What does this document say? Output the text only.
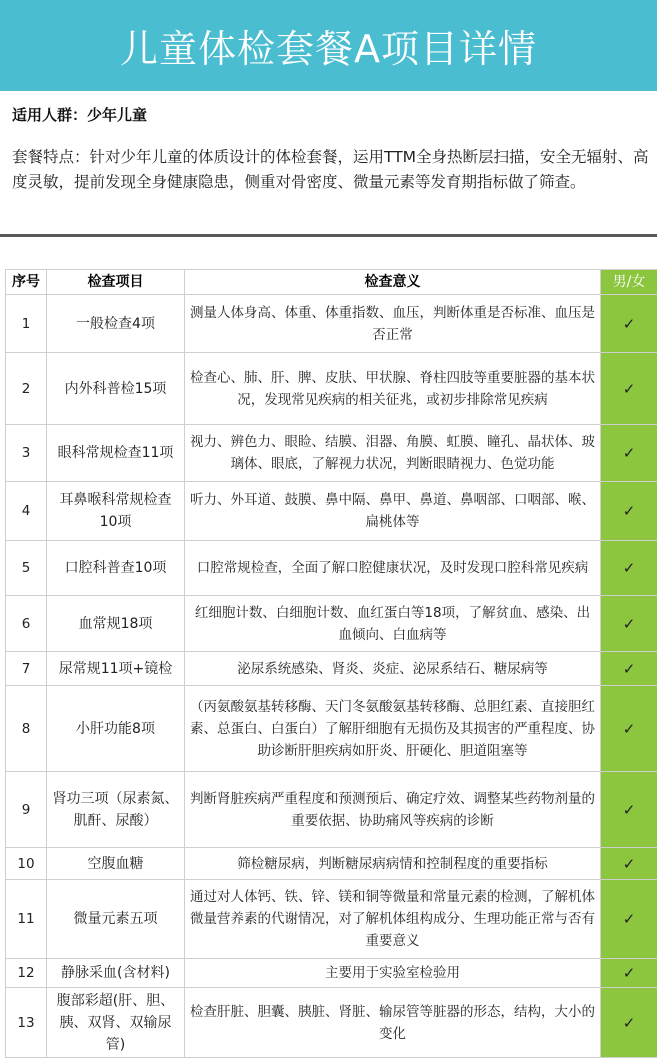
儿童体检套餐A项目详情

适用人群：少年儿童

套餐特点：针对少年儿童的体质设计的体检套餐，运用TTM全身热断层扫描，安全无辐射、高度灵敏，提前发现全身健康隐患，侧重对骨密度、微量元素等发育期指标做了筛查。

序号	检查项目	检查意义	男/女
1	一般检查4项	测量人体身高、体重、体重指数、血压，判断体重是否标准、血压是否正常	✓
2	内外科普检15项	检查心、肺、肝、脾、皮肤、甲状腺、脊柱四肢等重要脏器的基本状况，发现常见疾病的相关征兆，或初步排除常见疾病	✓
3	眼科常规检查11项	视力、辨色力、眼睑、结膜、泪器、角膜、虹膜、瞳孔、晶状体、玻璃体、眼底，了解视力状况，判断眼睛视力、色觉功能	✓
4	耳鼻喉科常规检查10项	听力、外耳道、鼓膜、鼻中隔、鼻甲、鼻道、鼻咽部、口咽部、喉、扁桃体等	✓
5	口腔科普查10项	口腔常规检查，全面了解口腔健康状况，及时发现口腔科常见疾病	✓
6	血常规18项	红细胞计数、白细胞计数、血红蛋白等18项，了解贫血、感染、出血倾向、白血病等	✓
7	尿常规11项+镜检	泌尿系统感染、肾炎、炎症、泌尿系结石、糖尿病等	✓
8	小肝功能8项	（丙氨酸氨基转移酶、天门冬氨酸氨基转移酶、总胆红素、直接胆红素、总蛋白、白蛋白）了解肝细胞有无损伤及其损害的严重程度、协助诊断肝胆疾病如肝炎、肝硬化、胆道阻塞等	✓
9	肾功三项（尿素氮、肌酐、尿酸）	判断肾脏疾病严重程度和预测预后、确定疗效、调整某些药物剂量的重要依据、协助痛风等疾病的诊断	✓
10	空腹血糖	筛检糖尿病，判断糖尿病病情和控制程度的重要指标	✓
11	微量元素五项	通过对人体钙、铁、锌、镁和铜等微量和常量元素的检测，了解机体微量营养素的代谢情况，对了解机体组构成分、生理功能正常与否有重要意义	✓
12	静脉采血(含材料)	主要用于实验室检验用	✓
13	腹部彩超(肝、胆、胰、双肾、双输尿管)	检查肝脏、胆囊、胰脏、肾脏、输尿管等脏器的形态，结构，大小的变化	✓
